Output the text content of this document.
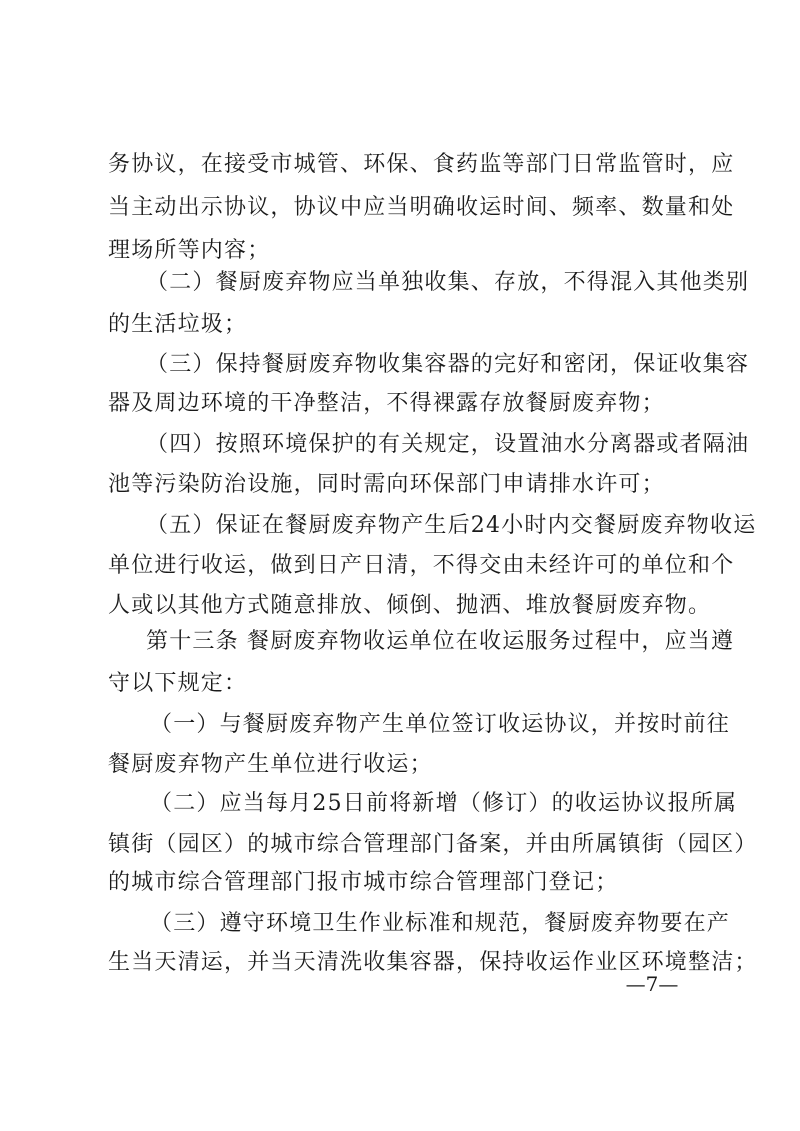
务协议，在接受市城管、环保、食药监等部门日常监管时，应
当主动出示协议，协议中应当明确收运时间、频率、数量和处
理场所等内容；
（二）餐厨废弃物应当单独收集、存放，不得混入其他类别
的生活垃圾；
（三）保持餐厨废弃物收集容器的完好和密闭，保证收集容
器及周边环境的干净整洁，不得裸露存放餐厨废弃物；
（四）按照环境保护的有关规定，设置油水分离器或者隔油
池等污染防治设施，同时需向环保部门申请排水许可；
（五）保证在餐厨废弃物产生后24小时内交餐厨废弃物收运
单位进行收运，做到日产日清，不得交由未经许可的单位和个
人或以其他方式随意排放、倾倒、抛洒、堆放餐厨废弃物。
第十三条 餐厨废弃物收运单位在收运服务过程中，应当遵
守以下规定：
（一）与餐厨废弃物产生单位签订收运协议，并按时前往
餐厨废弃物产生单位进行收运；
（二）应当每月25日前将新增（修订）的收运协议报所属
镇街（园区）的城市综合管理部门备案，并由所属镇街（园区）
的城市综合管理部门报市城市综合管理部门登记；
（三）遵守环境卫生作业标准和规范，餐厨废弃物要在产
生当天清运，并当天清洗收集容器，保持收运作业区环境整洁；
—7—
